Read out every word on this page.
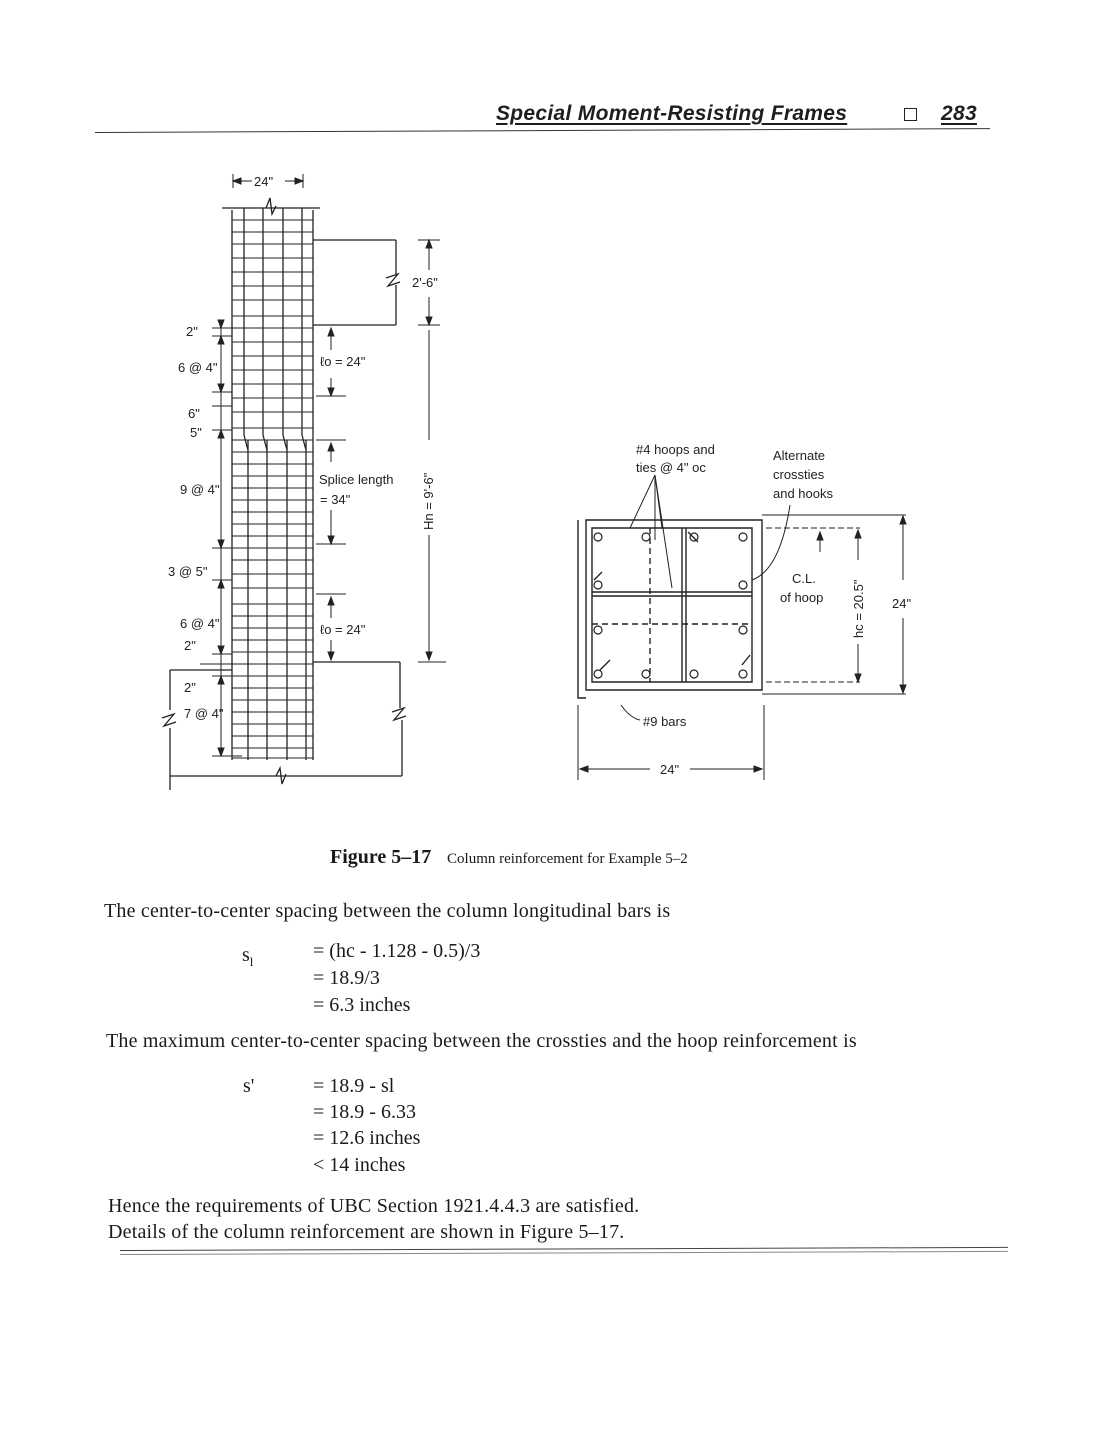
Special Moment-Resisting Frames	283
24"
2'-6"
ℓo = 24"
Splice length
= 34"
ℓo = 24"
Hn = 9'-6"
2"
6 @ 4"
6"
5"
9 @ 4"
3 @ 5"
6 @ 4"
2"
2"
7 @ 4"
#4 hoops and
ties @ 4" oc
Alternate
crossties
and hooks
C.L.
of hoop hc = 20.5" 24"
#9 bars
24"
Figure 5–17 Column reinforcement for Example 5–2
The center-to-center spacing between the column longitudinal bars is
$s_l$	= (hc - 1.128 - 0.5)/3
= 18.9/3
= 6.3 inches
The maximum center-to-center spacing between the crossties and the hoop reinforcement is
s'	= 18.9 - sl
= 18.9 - 6.33
= 12.6 inches
< 14 inches
Hence the requirements of UBC Section 1921.4.4.3 are satisfied.
Details of the column reinforcement are shown in Figure 5–17.
